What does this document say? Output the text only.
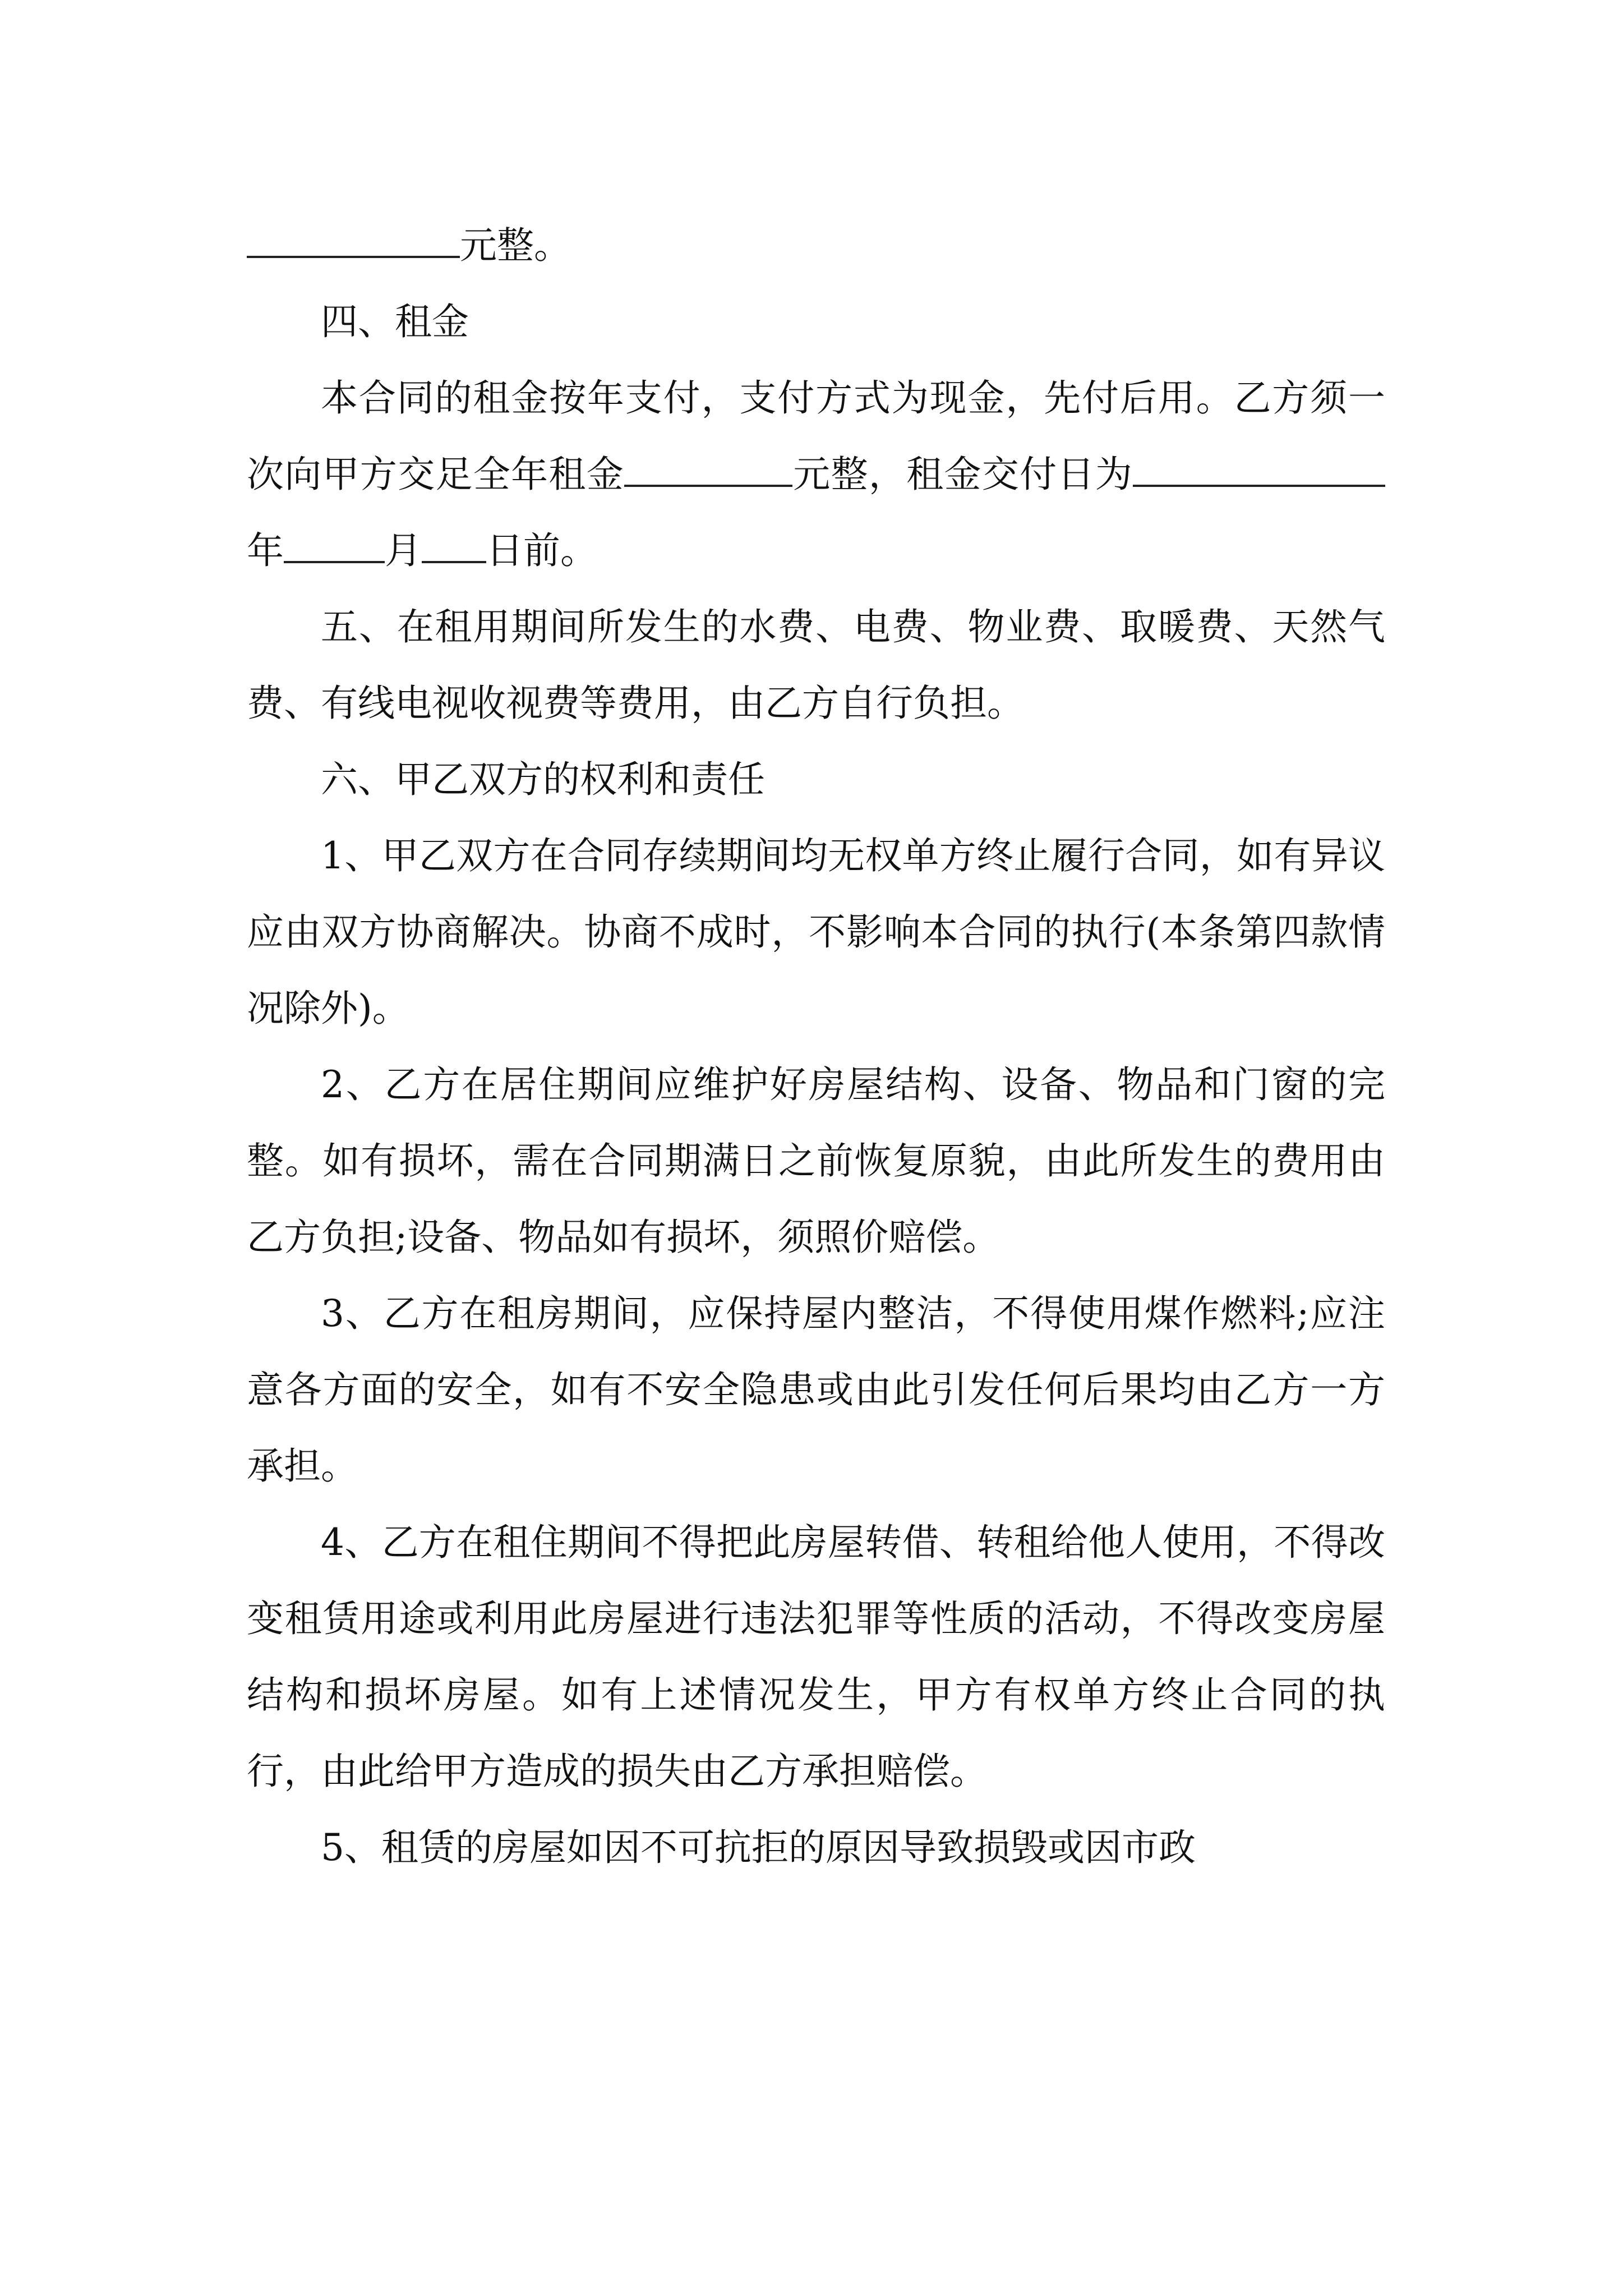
元整。

四、租金

本合同的租金按年支付，支付方式为现金，先付后用。乙方须一次向甲方交足全年租金	元整，租金交付日为年	月 日前。

五、在租用期间所发生的水费、电费、物业费、取暖费、天然气费、有线电视收视费等费用，由乙方自行负担。

六、甲乙双方的权利和责任

1、甲乙双方在合同存续期间均无权单方终止履行合同，如有异议应由双方协商解决。协商不成时，不影响本合同的执行(本条第四款情况除外)。

2、乙方在居住期间应维护好房屋结构、设备、物品和门窗的完整。如有损坏，需在合同期满日之前恢复原貌，由此所发生的费用由乙方负担;设备、物品如有损坏，须照价赔偿。

3、乙方在租房期间，应保持屋内整洁，不得使用煤作燃料;应注意各方面的安全，如有不安全隐患或由此引发任何后果均由乙方一方承担。

4、乙方在租住期间不得把此房屋转借、转租给他人使用，不得改变租赁用途或利用此房屋进行违法犯罪等性质的活动，不得改变房屋结构和损坏房屋。如有上述情况发生，甲方有权单方终止合同的执行，由此给甲方造成的损失由乙方承担赔偿。

5、租赁的房屋如因不可抗拒的原因导致损毁或因市政
